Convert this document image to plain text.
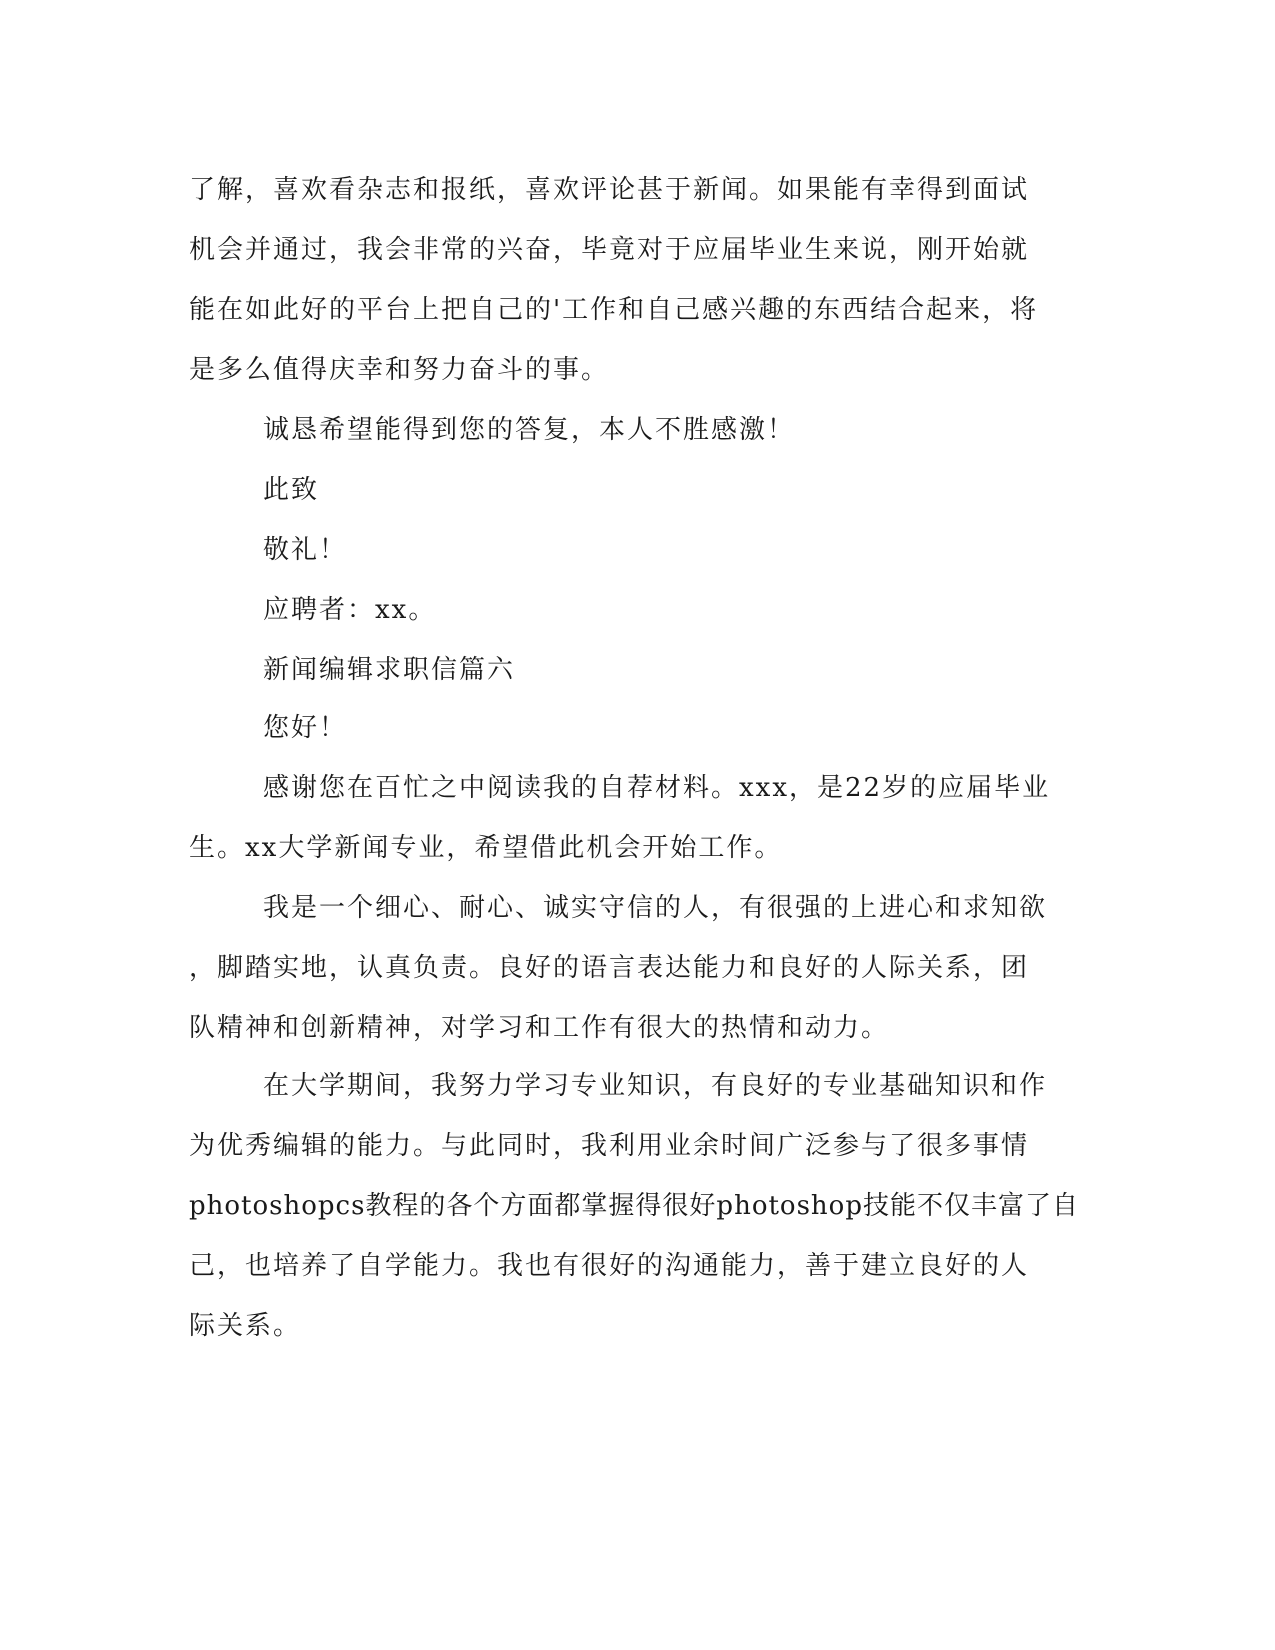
了解，喜欢看杂志和报纸，喜欢评论甚于新闻。如果能有幸得到面试
机会并通过，我会非常的兴奋，毕竟对于应届毕业生来说，刚开始就
能在如此好的平台上把自己的'工作和自己感兴趣的东西结合起来，将
是多么值得庆幸和努力奋斗的事。
诚恳希望能得到您的答复，本人不胜感激！
此致
敬礼！
应聘者：xx。
新闻编辑求职信篇六
您好！
感谢您在百忙之中阅读我的自荐材料。xxx，是22岁的应届毕业
生。xx大学新闻专业，希望借此机会开始工作。
我是一个细心、耐心、诚实守信的人，有很强的上进心和求知欲
，脚踏实地，认真负责。良好的语言表达能力和良好的人际关系，团
队精神和创新精神，对学习和工作有很大的热情和动力。
在大学期间，我努力学习专业知识，有良好的专业基础知识和作
为优秀编辑的能力。与此同时，我利用业余时间广泛参与了很多事情
photoshopcs教程的各个方面都掌握得很好photoshop技能不仅丰富了自
己，也培养了自学能力。我也有很好的沟通能力，善于建立良好的人
际关系。
